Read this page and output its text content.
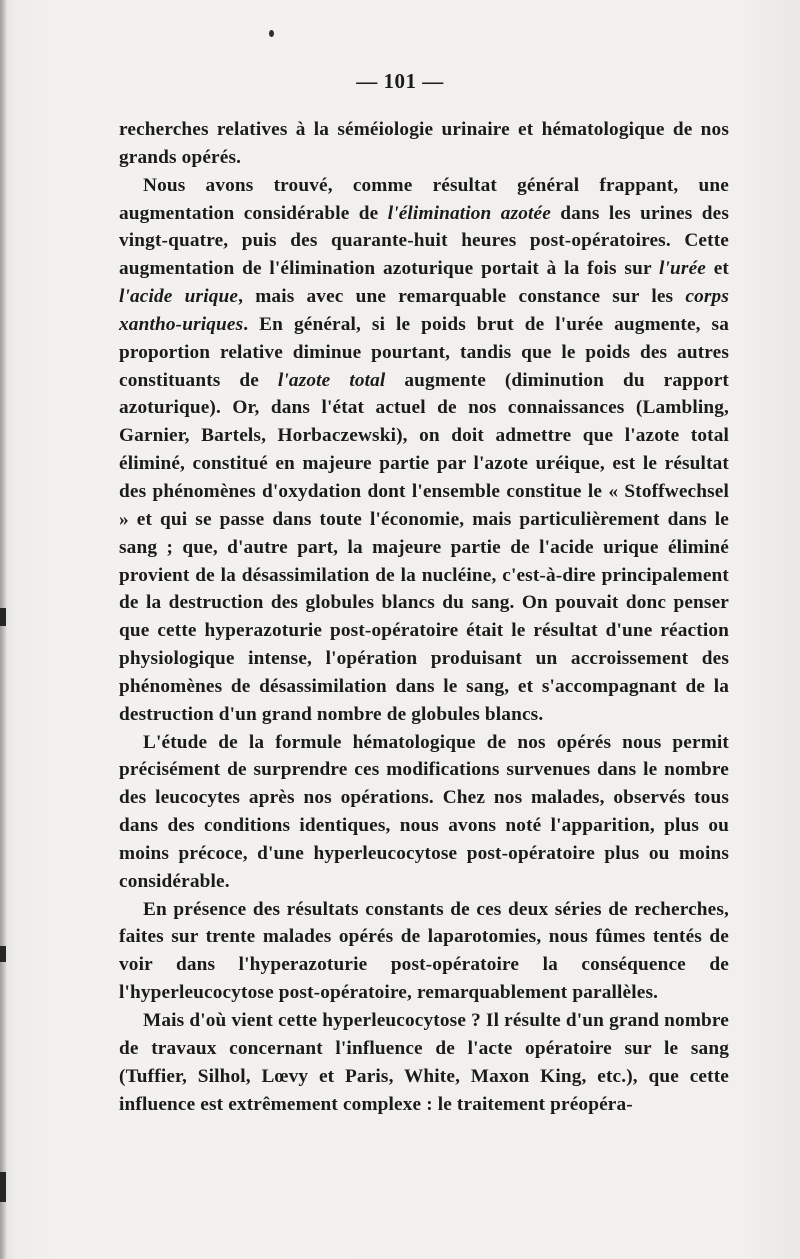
— 101 —

recherches relatives à la séméiologie urinaire et hématologique de nos grands opérés.

Nous avons trouvé, comme résultat général frappant, une augmentation considérable de l'élimination azotée dans les urines des vingt-quatre, puis des quarante-huit heures post-opératoires. Cette augmentation de l'élimination azoturique portait à la fois sur l'urée et l'acide urique, mais avec une remarquable constance sur les corps xantho-uriques. En général, si le poids brut de l'urée augmente, sa proportion relative diminue pourtant, tandis que le poids des autres constituants de l'azote total augmente (diminution du rapport azoturique). Or, dans l'état actuel de nos connaissances (Lambling, Garnier, Bartels, Horbaczewski), on doit admettre que l'azote total éliminé, constitué en majeure partie par l'azote uréique, est le résultat des phénomènes d'oxydation dont l'ensemble constitue le « Stoffwechsel » et qui se passe dans toute l'économie, mais particulièrement dans le sang ; que, d'autre part, la majeure partie de l'acide urique éliminé provient de la désassimilation de la nucléine, c'est-à-dire principalement de la destruction des globules blancs du sang. On pouvait donc penser que cette hyperazoturie post-opératoire était le résultat d'une réaction physiologique intense, l'opération produisant un accroissement des phénomènes de désassimilation dans le sang, et s'accompagnant de la destruction d'un grand nombre de globules blancs.

L'étude de la formule hématologique de nos opérés nous permit précisément de surprendre ces modifications survenues dans le nombre des leucocytes après nos opérations. Chez nos malades, observés tous dans des conditions identiques, nous avons noté l'apparition, plus ou moins précoce, d'une hyperleucocytose post-opératoire plus ou moins considérable.

En présence des résultats constants de ces deux séries de recherches, faites sur trente malades opérés de laparotomies, nous fûmes tentés de voir dans l'hyperazoturie post-opératoire la conséquence de l'hyperleucocytose post-opératoire, remarquablement parallèles.

Mais d'où vient cette hyperleucocytose ? Il résulte d'un grand nombre de travaux concernant l'influence de l'acte opératoire sur le sang (Tuffier, Silhol, Lœvy et Paris, White, Maxon King, etc.), que cette influence est extrêmement complexe : le traitement préopéra-
